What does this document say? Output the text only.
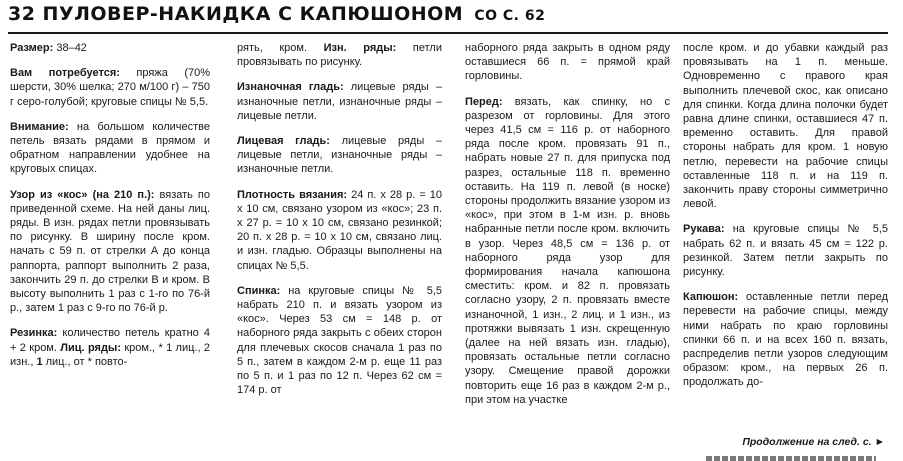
32 ПУЛОВЕР-НАКИДКА С КАПЮШОНОМ СО С. 62

Размер: 38–42

Вам потребуется: пряжа (70% шерсти, 30% шелка; 270 м/100 г) – 750 г серо-голубой; круговые спицы № 5,5.

Внимание: на большом количестве петель вязать рядами в прямом и обратном направлении удобнее на круговых спицах.

Узор из «кос» (на 210 п.): вязать по приведенной схеме. На ней даны лиц. ряды. В изн. рядах петли провязывать по рисунку. В ширину после кром. начать с 59 п. от стрелки А до конца раппорта, раппорт выполнить 2 раза, закончить 29 п. до стрелки В и кром. В высоту выполнить 1 раз с 1-го по 76-й р., затем 1 раз с 9-го по 76-й р.

Резинка: количество петель кратно 4 + 2 кром. Лиц. ряды: кром., * 1 лиц., 2 изн., 1 лиц., от * повто-

рять, кром. Изн. ряды: петли провязывать по рисунку.

Изнаночная гладь: лицевые ряды – изнаночные петли, изнаночные ряды – лицевые петли.

Лицевая гладь: лицевые ряды – лицевые петли, изнаночные ряды – изнаночные петли.

Плотность вязания: 24 п. х 28 р. = 10 х 10 см, связано узором из «кос»; 23 п. х 27 р. = 10 х 10 см, связано резинкой; 20 п. х 28 р. = 10 х 10 см, связано лиц. и изн. гладью. Образцы выполнены на спицах № 5,5.

Спинка: на круговые спицы № 5,5 набрать 210 п. и вязать узором из «кос». Через 53 см = 148 р. от наборного ряда закрыть с обеих сторон для плечевых скосов сначала 1 раз по 5 п., затем в каждом 2-м р. еще 11 раз по 5 п. и 1 раз по 12 п. Через 62 см = 174 р. от

наборного ряда закрыть в одном ряду оставшиеся 66 п. = прямой край горловины.

Перед: вязать, как спинку, но с разрезом от горловины. Для этого через 41,5 см = 116 р. от наборного ряда после кром. провязать 91 п., набрать новые 27 п. для припуска под разрез, остальные 118 п. временно оставить. На 119 п. левой (в носке) стороны продолжить вязание узором из «кос», при этом в 1-м изн. р. вновь набранные петли после кром. включить в узор. Через 48,5 см = 136 р. от наборного ряда узор для формирования начала капюшона сместить: кром. и 82 п. провязать согласно узору, 2 п. провязать вместе изнаночной, 1 изн., 2 лиц. и 1 изн., из протяжки вывязать 1 изн. скрещенную (далее на ней вязать изн. гладью), провязать остальные петли согласно узору. Смещение правой дорожки повторить еще 16 раз в каждом 2-м р., при этом на участке

после кром. и до убавки каждый раз провязывать на 1 п. меньше. Одновременно с правого края выполнить плечевой скос, как описано для спинки. Когда длина полочки будет равна длине спинки, оставшиеся 47 п. временно оставить. Для правой стороны набрать для кром. 1 новую петлю, перевести на рабочие спицы оставленные 118 п. и на 119 п. закончить праву стороны симметрично левой.

Рукава: на круговые спицы № 5,5 набрать 62 п. и вязать 45 см = 122 р. резинкой. Затем петли закрыть по рисунку.

Капюшон: оставленные петли перед перевести на рабочие спицы, между ними набрать по краю горловины спинки 66 п. и на всех 160 п. вязать, распределив петли узоров следующим образом: кром., на первых 26 п. продолжать до-

Продолжение на след. с. ►
